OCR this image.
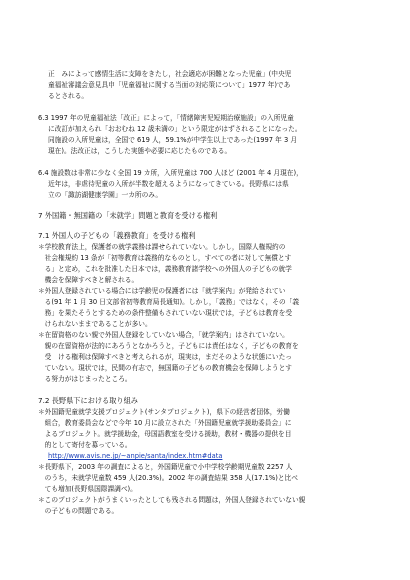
正　みによって感情生活に支障をきたし，社会適応が困難となった児童」(中央児
童福祉審議会意見具申「児童福祉に関する当面の対応策について」1977 年)であ
るとされる。
6.3 1997 年の児童福祉法「改正」によって，「情緒障害児短期治療施設」の入所児童
に改訂が加えられ「おおむね 12 歳未満の」という限定がはずされることになった。
同施設の入所児童は，全国で 619 人，59.1%が中学生以上であった(1997 年 3 月
現在)。法改正は，こうした実態や必要に応じたものである。
6.4 施設数は非常に少なく全国 19 カ所，入所児童は 700 人ほど (2001 年 4 月現在)，
近年は，非虐待児童の入所が半数を超えるようになってきている。長野県には県
立の「諏訪湖健康学園」一カ所のみ。
7 外国籍・無国籍の「未就学」問題と教育を受ける権利
7.1 外国人の子どもの「義務教育」を受ける権利
＊学校教育法上，保護者の就学義務は課せられていない。しかし，国際人権規約の
　社会権規約 13 条が「初等教育は義務的なものとし，すべての者に対して無償とす
　る」と定め，これを批准した日本では，義務教育諸学校への外国人の子どもの就学
　機会を保障すべきと解される。
＊外国人登録されている場合には学齢児の保護者には「就学案内」が発給されてい
　る(91 年 1 月 30 日文部省初等教育局長通知)。しかし，「義務」ではなく，その「義
　務」を果たそうとするための条件整備もされていない現状では，子どもは教育を受
　けられないままであることが多い。
＊在留資格のない親で外国人登録をしていない場合，「就学案内」はされていない。
　親の在留資格が法的にあろうとなかろうと，子どもには責任はなく，子どもの教育を
　受　ける権利は保障すべきと考えられるが，現実は，まだそのような状態にいたっ
　ていない。現状では，民間の有志で，無国籍の子どもの教育機会を保障しようとす
　る努力がはじまったところ。
7.2 長野県下における取り組み
＊外国籍児童就学支援プロジェクト(サンタプロジェクト)，県下の経営者団体，労働
　組合，教育委員会などで今年 10 月に設立された「外国籍児童就学援助委員会」に
　よるプロジェクト。就学援助金，母国語教室を受ける援助，教材・機器の提供を目
　的として寄付を募っている。
http://www.avis.ne.jp/~anpie/santa/index.htm#data
＊長野県下，2003 年の調査によると，外国籍児童で小中学校学齢期児童数 2257 人
　のうち，未就学児童数 459 人(20.3%)。2002 年の調査結果 358 人(17.1%)と比べ
　ても増加(長野県国際課調べ)。
＊このプロジェクトがうまくいったとしても残される問題は，外国人登録されていない親
　の子どもの問題である。
